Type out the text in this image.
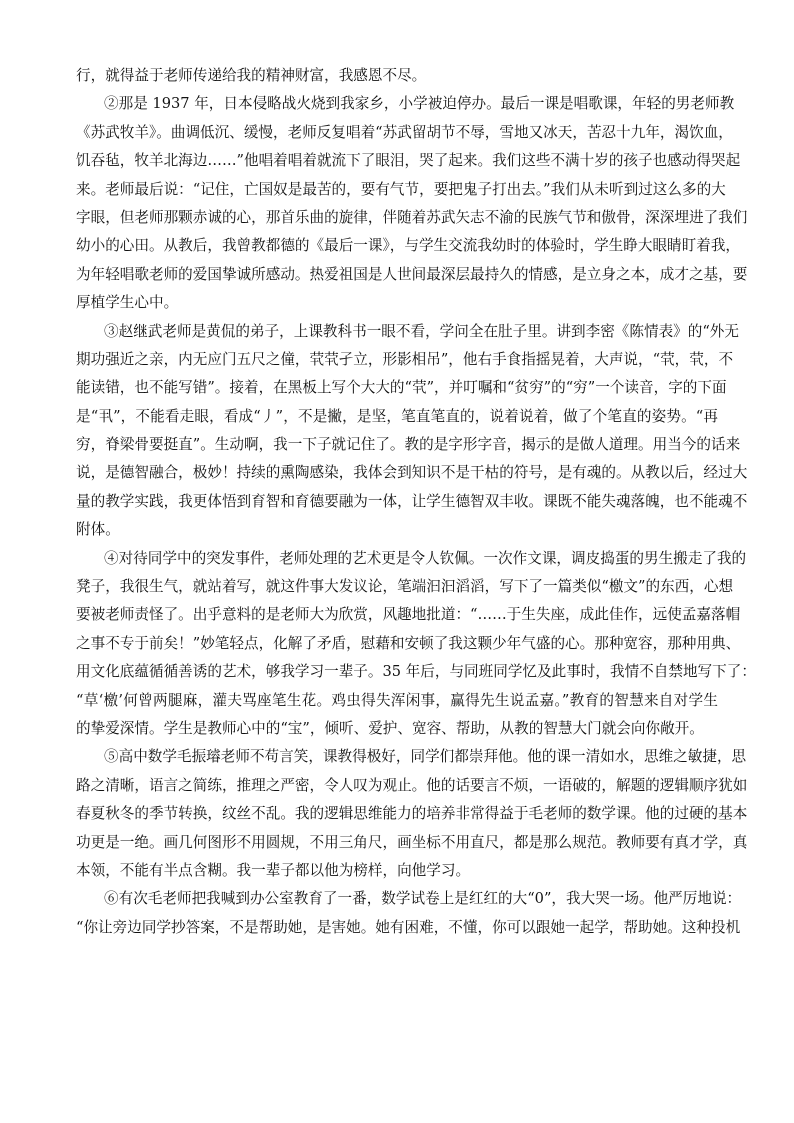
行，就得益于老师传递给我的精神财富，我感恩不尽。
②那是 1937 年，日本侵略战火烧到我家乡，小学被迫停办。最后一课是唱歌课，年轻的男老师教
《苏武牧羊》。曲调低沉、缓慢，老师反复唱着“苏武留胡节不辱，雪地又冰天，苦忍十九年，渴饮血，
饥吞毡，牧羊北海边……”他唱着唱着就流下了眼泪，哭了起来。我们这些不满十岁的孩子也感动得哭起
来。老师最后说：“记住，亡国奴是最苦的，要有气节，要把鬼子打出去。”我们从未听到过这么多的大
字眼，但老师那颗赤诚的心，那首乐曲的旋律，伴随着苏武矢志不渝的民族气节和傲骨，深深埋进了我们
幼小的心田。从教后，我曾教都德的《最后一课》，与学生交流我幼时的体验时，学生睁大眼睛盯着我，
为年轻唱歌老师的爱国挚诚所感动。热爱祖国是人世间最深层最持久的情感，是立身之本，成才之基，要
厚植学生心中。
③赵继武老师是黄侃的弟子，上课教科书一眼不看，学问全在肚子里。讲到李密《陈情表》的“外无
期功强近之亲，内无应门五尺之僮，茕茕孑立，形影相吊”，他右手食指摇晃着，大声说，“茕，茕，不
能读错，也不能写错”。接着，在黑板上写个大大的“茕”，并叮嘱和“贫穷”的“穷”一个读音，字的下面
是“丮”，不能看走眼，看成“丿”，不是撇，是坚，笔直笔直的，说着说着，做了个笔直的姿势。“再
穷，脊梁骨要挺直”。生动啊，我一下子就记住了。教的是字形字音，揭示的是做人道理。用当今的话来
说，是德智融合，极妙！持续的熏陶感染，我体会到知识不是干枯的符号，是有魂的。从教以后，经过大
量的教学实践，我更体悟到育智和育德要融为一体，让学生德智双丰收。课既不能失魂落魄，也不能魂不
附体。
④对待同学中的突发事件，老师处理的艺术更是令人钦佩。一次作文课，调皮捣蛋的男生搬走了我的
凳子，我很生气，就站着写，就这件事大发议论，笔端汩汩滔滔，写下了一篇类似“檄文”的东西，心想
要被老师责怪了。出乎意料的是老师大为欣赏，风趣地批道：“……于生失座，成此佳作，远使孟嘉落帽
之事不专于前矣！”妙笔轻点，化解了矛盾，慰藉和安顿了我这颗少年气盛的心。那种宽容，那种用典、
用文化底蕴循循善诱的艺术，够我学习一辈子。35 年后，与同班同学忆及此事时，我情不自禁地写下了：
“草‘檄’何曾两腿麻，灌夫骂座笔生花。鸡虫得失浑闲事，赢得先生说孟嘉。”教育的智慧来自对学生
的挚爱深情。学生是教师心中的“宝”，倾听、爱护、宽容、帮助，从教的智慧大门就会向你敞开。
⑤高中数学毛振璿老师不苟言笑，课教得极好，同学们都崇拜他。他的课一清如水，思维之敏捷，思
路之清晰，语言之简练，推理之严密，令人叹为观止。他的话要言不烦，一语破的，解题的逻辑顺序犹如
春夏秋冬的季节转换，纹丝不乱。我的逻辑思维能力的培养非常得益于毛老师的数学课。他的过硬的基本
功更是一绝。画几何图形不用圆规，不用三角尺，画坐标不用直尺，都是那么规范。教师要有真才学，真
本领，不能有半点含糊。我一辈子都以他为榜样，向他学习。
⑥有次毛老师把我喊到办公室教育了一番，数学试卷上是红红的大“0”，我大哭一场。他严厉地说：
“你让旁边同学抄答案，不是帮助她，是害她。她有困难，不懂，你可以跟她一起学，帮助她。这种投机
